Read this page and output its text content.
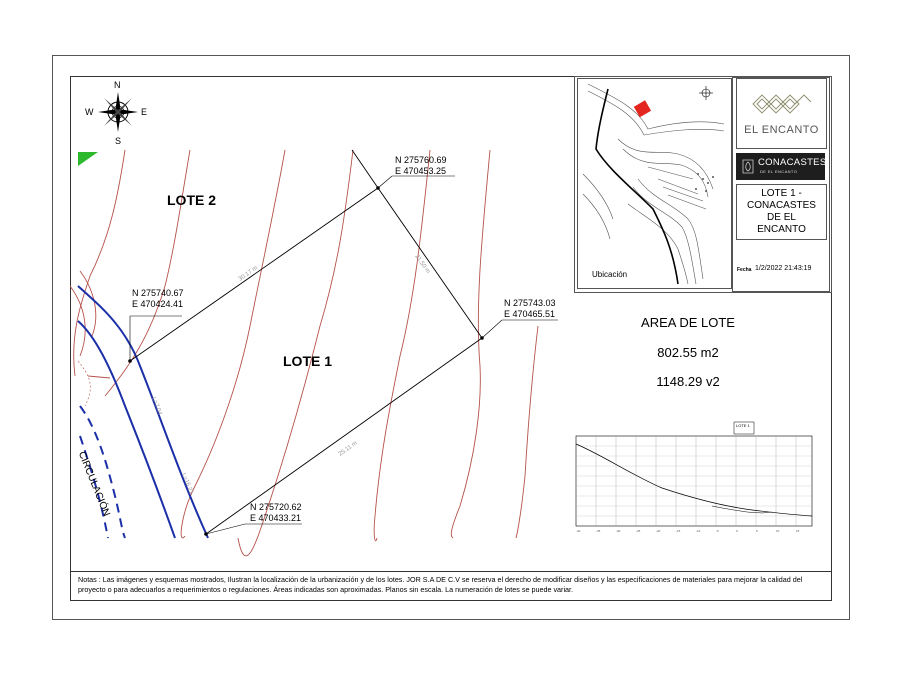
30.17 m	21.50 m
25.11 m
L=7.04
L=16.21
N
S
E
W
LOTE 2
LOTE 1
N 275760.69
E 470453.25
N 275740.67
E 470424.41	N 275743.03
E 470465.51
N 275720.62
E 470433.21
CIRCULACIÓN
Ubicación
EL ENCANTO
CONACASTES
DE EL ENCANTO
LOTE 1 - CONACASTES DE EL ENCANTO
Fecha 1/2/2022 21:43:19
AREA DE LOTE
802.55 m2
1148.29 v2
-40	-35	-30	-25	-20	-15	-10	-5	0	5	10	15
LOTE 1
Notas : Las imágenes y esquemas mostrados, Ilustran la localización de la urbanización y de los lotes. JOR S.A DE C.V se reserva el derecho de modificar diseños y las especificaciones de materiales para mejorar la calidad del proyecto o para adecuarlos a requerimientos o regulaciones. Áreas indicadas son aproximadas. Planos sin escala. La numeración de lotes se puede variar.
